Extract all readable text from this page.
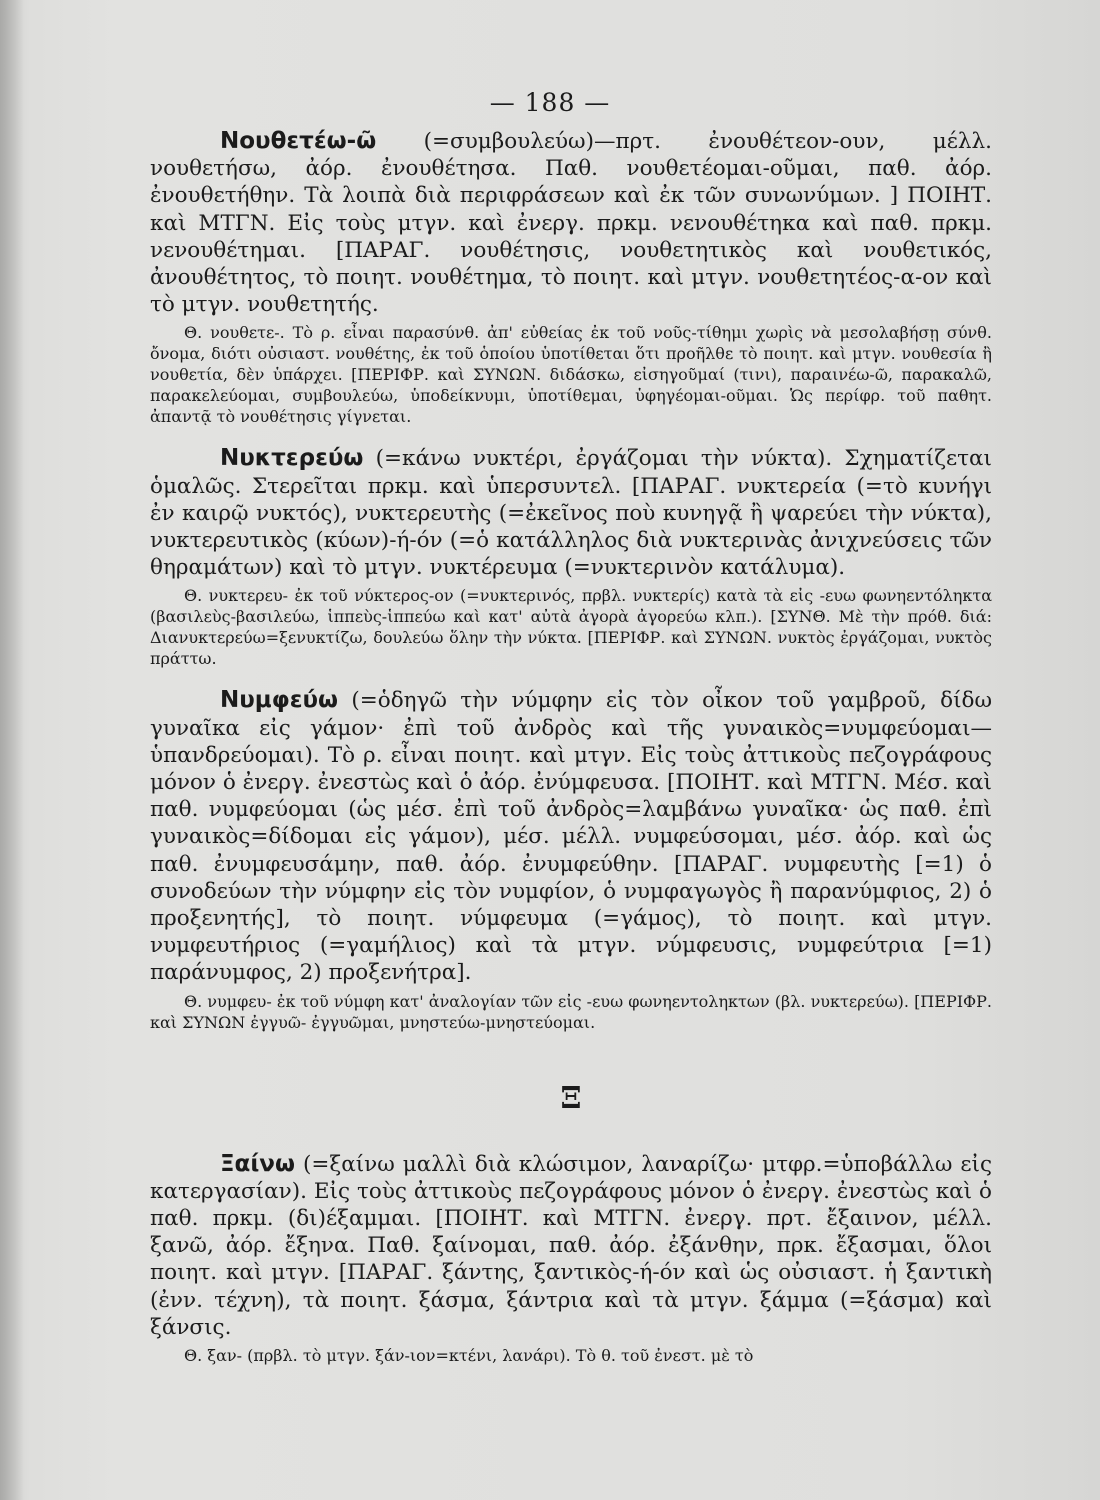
— 188 —

Νουθετέω-ῶ (=συμβουλεύω)—πρτ. ἐνουθέτεον-ουν, μέλλ. νουθετήσω, ἀόρ. ἐνουθέτησα. Παθ. νουθετέομαι-οῦμαι, παθ. ἀόρ. ἐνουθετήθην. Τὰ λοιπὰ διὰ περιφράσεων καὶ ἐκ τῶν συνωνύμων. ] ΠΟΙΗΤ. καὶ ΜΤΓΝ. Εἰς τοὺς μτγν. καὶ ἐνεργ. πρκμ. νενουθέτηκα καὶ παθ. πρκμ. νενουθέτημαι. [ΠΑΡΑΓ. νουθέτησις, νουθετητικὸς καὶ νουθετικός, ἀνουθέτητος, τὸ ποιητ. νουθέτημα, τὸ ποιητ. καὶ μτγν. νουθετητέος-α-ον καὶ τὸ μτγν. νουθετητής.

Θ. νουθετε-. Τὸ ρ. εἶναι παρασύνθ. ἀπ' εὐθείας ἐκ τοῦ νοῦς-τίθημι χωρὶς νὰ μεσολαβήσῃ σύνθ. ὄνομα, διότι οὐσιαστ. νουθέτης, ἐκ τοῦ ὁποίου ὑποτίθεται ὅτι προῆλθε τὸ ποιητ. καὶ μτγν. νουθεσία ἢ νουθετία, δὲν ὑπάρχει. [ΠΕΡΙΦΡ. καὶ ΣΥΝΩΝ. διδάσκω, εἰσηγοῦμαί (τινι), παραινέω-ῶ, παρακαλῶ, παρακελεύομαι, συμβουλεύω, ὑποδείκνυμι, ὑποτίθεμαι, ὑφηγέομαι-οῦμαι. Ὡς περίφρ. τοῦ παθητ. ἀπαντᾷ τὸ νουθέτησις γίγνεται.

Νυκτερεύω (=κάνω νυκτέρι, ἐργάζομαι τὴν νύκτα). Σχηματίζεται ὁμαλῶς. Στερεῖται πρκμ. καὶ ὑπερσυντελ. [ΠΑΡΑΓ. νυκτερεία (=τὸ κυνήγι ἐν καιρῷ νυκτός), νυκτερευτὴς (=ἐκεῖνος ποὺ κυνηγᾷ ἢ ψαρεύει τὴν νύκτα), νυκτερευτικὸς (κύων)-ή-όν (=ὁ κατάλληλος διὰ νυκτερινὰς ἀνιχνεύσεις τῶν θηραμάτων) καὶ τὸ μτγν. νυκτέρευμα (=νυκτερινὸν κατάλυμα).

Θ. νυκτερευ- ἐκ τοῦ νύκτερος-ον (=νυκτερινός, πρβλ. νυκτερίς) κατὰ τὰ εἰς -ευω φωνηεντόληκτα (βασιλεὺς-βασιλεύω, ἱππεὺς-ἱππεύω καὶ κατ' αὐτὰ ἀγορὰ ἀγορεύω κλπ.). [ΣΥΝΘ. Μὲ τὴν πρόθ. διά: Διανυκτερεύω=ξενυκτίζω, δουλεύω ὅλην τὴν νύκτα. [ΠΕΡΙΦΡ. καὶ ΣΥΝΩΝ. νυκτὸς ἐργάζομαι, νυκτὸς πράττω.

Νυμφεύω (=ὁδηγῶ τὴν νύμφην εἰς τὸν οἶκον τοῦ γαμβροῦ, δίδω γυναῖκα εἰς γάμον· ἐπὶ τοῦ ἀνδρὸς καὶ τῆς γυναικὸς=νυμφεύομαι—ὑπανδρεύομαι). Τὸ ρ. εἶναι ποιητ. καὶ μτγν. Εἰς τοὺς ἀττικοὺς πεζογράφους μόνον ὁ ἐνεργ. ἐνεστὼς καὶ ὁ ἀόρ. ἐνύμφευσα. [ΠΟΙΗΤ. καὶ ΜΤΓΝ. Μέσ. καὶ παθ. νυμφεύομαι (ὡς μέσ. ἐπὶ τοῦ ἀνδρὸς=λαμβάνω γυναῖκα· ὡς παθ. ἐπὶ γυναικὸς=δίδομαι εἰς γάμον), μέσ. μέλλ. νυμφεύσομαι, μέσ. ἀόρ. καὶ ὡς παθ. ἐνυμφευσάμην, παθ. ἀόρ. ἐνυμφεύθην. [ΠΑΡΑΓ. νυμφευτὴς [=1) ὁ συνοδεύων τὴν νύμφην εἰς τὸν νυμφίον, ὁ νυμφαγωγὸς ἢ παρανύμφιος, 2) ὁ προξενητής], τὸ ποιητ. νύμφευμα (=γάμος), τὸ ποιητ. καὶ μτγν. νυμφευτήριος (=γαμήλιος) καὶ τὰ μτγν. νύμφευσις, νυμφεύτρια [=1) παράνυμφος, 2) προξενήτρα].

Θ. νυμφευ- ἐκ τοῦ νύμφη κατ' ἀναλογίαν τῶν εἰς -ευω φωνηεντοληκτων (βλ. νυκτερεύω). [ΠΕΡΙΦΡ. καὶ ΣΥΝΩΝ ἐγγυῶ- ἐγγυῶμαι, μνηστεύω-μνηστεύομαι.
Ξ

Ξαίνω (=ξαίνω μαλλὶ διὰ κλώσιμον, λαναρίζω· μτφρ.=ὑποβάλλω εἰς κατεργασίαν). Εἰς τοὺς ἀττικοὺς πεζογράφους μόνον ὁ ἐνεργ. ἐνεστὼς καὶ ὁ παθ. πρκμ. (δι)έξαμμαι. [ΠΟΙΗΤ. καὶ ΜΤΓΝ. ἐνεργ. πρτ. ἔξαινον, μέλλ. ξανῶ, ἀόρ. ἔξηνα. Παθ. ξαίνομαι, παθ. ἀόρ. ἐξάνθην, πρκ. ἔξασμαι, ὅλοι ποιητ. καὶ μτγν. [ΠΑΡΑΓ. ξάντης, ξαντικὸς-ή-όν καὶ ὡς οὐσιαστ. ἡ ξαντικὴ (ἐνν. τέχνη), τὰ ποιητ. ξάσμα, ξάντρια καὶ τὰ μτγν. ξάμμα (=ξάσμα) καὶ ξάνσις.

Θ. ξαν- (πρβλ. τὸ μτγν. ξάν-ιον=κτένι, λανάρι). Τὸ θ. τοῦ ἐνεστ. μὲ τὸ
